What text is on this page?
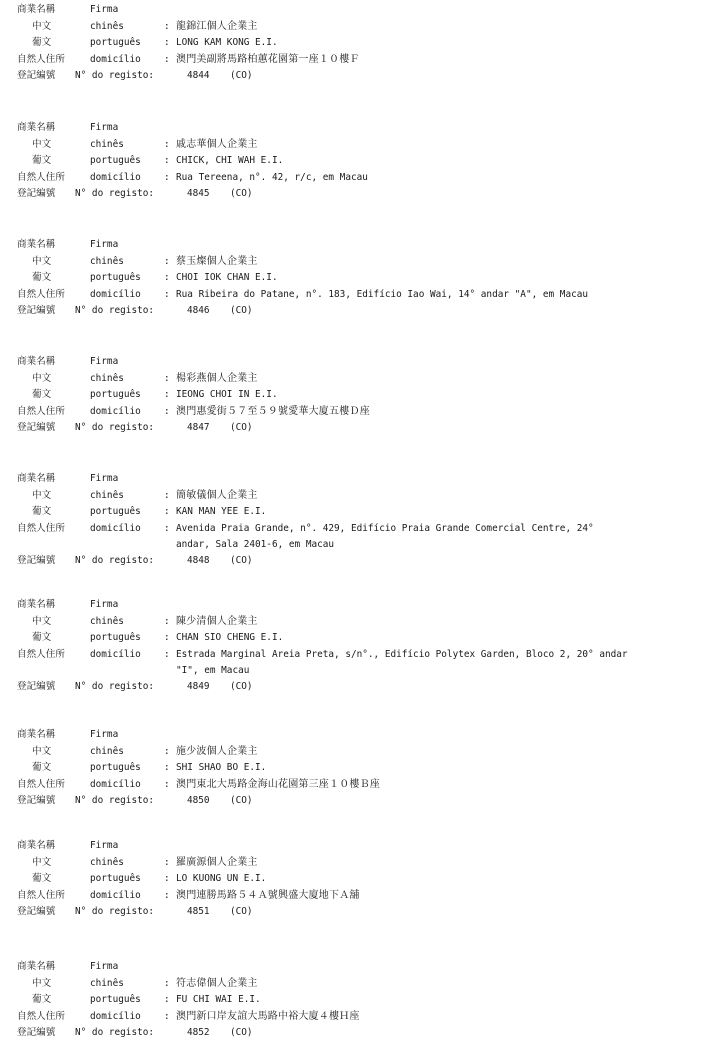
商業名稱	Firma
中文	chinês	: 龍錦江個人企業主
葡文	português : LONG KAM KONG E.I.
自然人住所	domicílio : 澳門美副將馬路柏蕙花園第一座１０樓Ｆ
登記編號 N° do registo:	4844 (CO)
商業名稱	Firma
中文	chinês	: 戚志華個人企業主
葡文	português : CHICK, CHI WAH E.I.
自然人住所	domicílio : Rua Tereena, n°. 42, r/c, em Macau
登記編號 N° do registo:	4845 (CO)
商業名稱	Firma
中文	chinês	: 蔡玉燦個人企業主
葡文	português : CHOI IOK CHAN E.I.
自然人住所	domicílio : Rua Ribeira do Patane, n°. 183, Edifício Iao Wai, 14° andar "A", em Macau
登記編號 N° do registo:	4846 (CO)
商業名稱	Firma
中文	chinês	: 楊彩燕個人企業主
葡文	português : IEONG CHOI IN E.I.
自然人住所	domicílio : 澳門惠愛街５７至５９號愛華大廈五樓Ｄ座
登記編號 N° do registo:	4847 (CO)
商業名稱	Firma
中文	chinês	: 簡敏儀個人企業主
葡文	português : KAN MAN YEE E.I.
自然人住所	domicílio : Avenida Praia Grande, n°. 429, Edifício Praia Grande Comercial Centre, 24°
andar, Sala 2401-6, em Macau
登記編號 N° do registo:	4848 (CO)
商業名稱	Firma
中文	chinês	: 陳少清個人企業主
葡文	português : CHAN SIO CHENG E.I.
自然人住所	domicílio : Estrada Marginal Areia Preta, s/n°., Edifício Polytex Garden, Bloco 2, 20° andar
"I", em Macau
登記編號 N° do registo:	4849 (CO)
商業名稱	Firma
中文	chinês	: 施少波個人企業主
葡文	português : SHI SHAO BO E.I.
自然人住所	domicílio : 澳門東北大馬路金海山花園第三座１０樓Ｂ座
登記編號 N° do registo:	4850 (CO)
商業名稱	Firma
中文	chinês	: 羅廣源個人企業主
葡文	português : LO KUONG UN E.I.
自然人住所	domicílio : 澳門連勝馬路５４Ａ號興盛大廈地下Ａ舖
登記編號 N° do registo:	4851 (CO)
商業名稱	Firma
中文	chinês	: 符志偉個人企業主
葡文	português : FU CHI WAI E.I.
自然人住所	domicílio : 澳門新口岸友誼大馬路中裕大廈４樓Ｈ座
登記編號 N° do registo:	4852 (CO)
